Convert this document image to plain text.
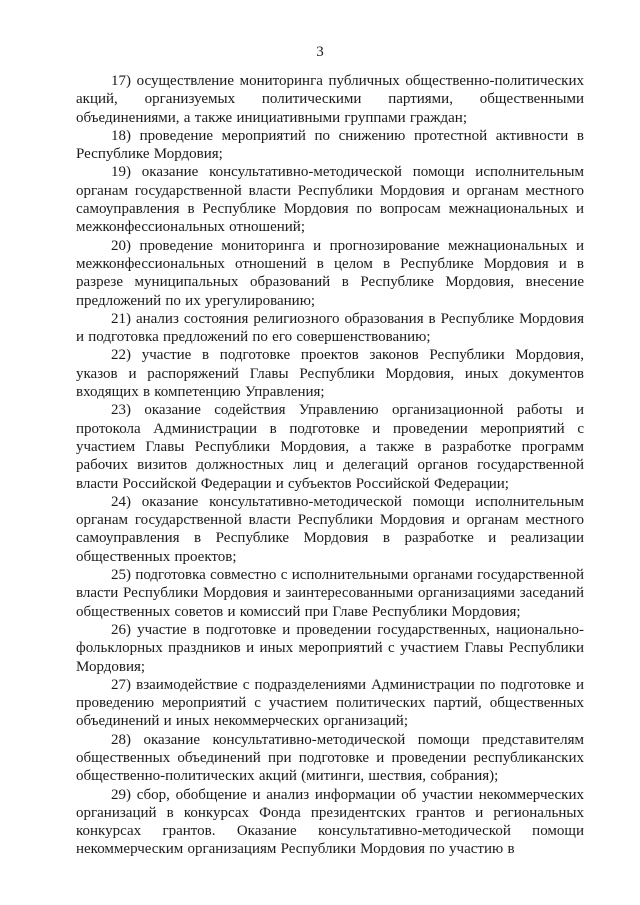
3

17) осуществление мониторинга публичных общественно-политических акций, организуемых политическими партиями, общественными объединениями, а также инициативными группами граждан;

18) проведение мероприятий по снижению протестной активности в Республике Мордовия;

19) оказание консультативно-методической помощи исполнительным органам государственной власти Республики Мордовия и органам местного самоуправления в Республике Мордовия по вопросам межнациональных и межконфессиональных отношений;

20) проведение мониторинга и прогнозирование межнациональных и межконфессиональных отношений в целом в Республике Мордовия и в разрезе муниципальных образований в Республике Мордовия, внесение предложений по их урегулированию;

21) анализ состояния религиозного образования в Республике Мордовия и подготовка предложений по его совершенствованию;

22) участие в подготовке проектов законов Республики Мордовия, указов и распоряжений Главы Республики Мордовия, иных документов входящих в компетенцию Управления;

23) оказание содействия Управлению организационной работы и протокола Администрации в подготовке и проведении мероприятий с участием Главы Республики Мордовия, а также в разработке программ рабочих визитов должностных лиц и делегаций органов государственной власти Российской Федерации и субъектов Российской Федерации;

24) оказание консультативно-методической помощи исполнительным органам государственной власти Республики Мордовия и органам местного самоуправления в Республике Мордовия в разработке и реализации общественных проектов;

25) подготовка совместно с исполнительными органами государственной власти Республики Мордовия и заинтересованными организациями заседаний общественных советов и комиссий при Главе Республики Мордовия;

26) участие в подготовке и проведении государственных, национально-фольклорных праздников и иных мероприятий с участием Главы Республики Мордовия;

27) взаимодействие с подразделениями Администрации по подготовке и проведению мероприятий с участием политических партий, общественных объединений и иных некоммерческих организаций;

28) оказание консультативно-методической помощи представителям общественных объединений при подготовке и проведении республиканских общественно-политических акций (митинги, шествия, собрания);

29) сбор, обобщение и анализ информации об участии некоммерческих организаций в конкурсах Фонда президентских грантов и региональных конкурсах грантов. Оказание консультативно-методической помощи некоммерческим организациям Республики Мордовия по участию в
